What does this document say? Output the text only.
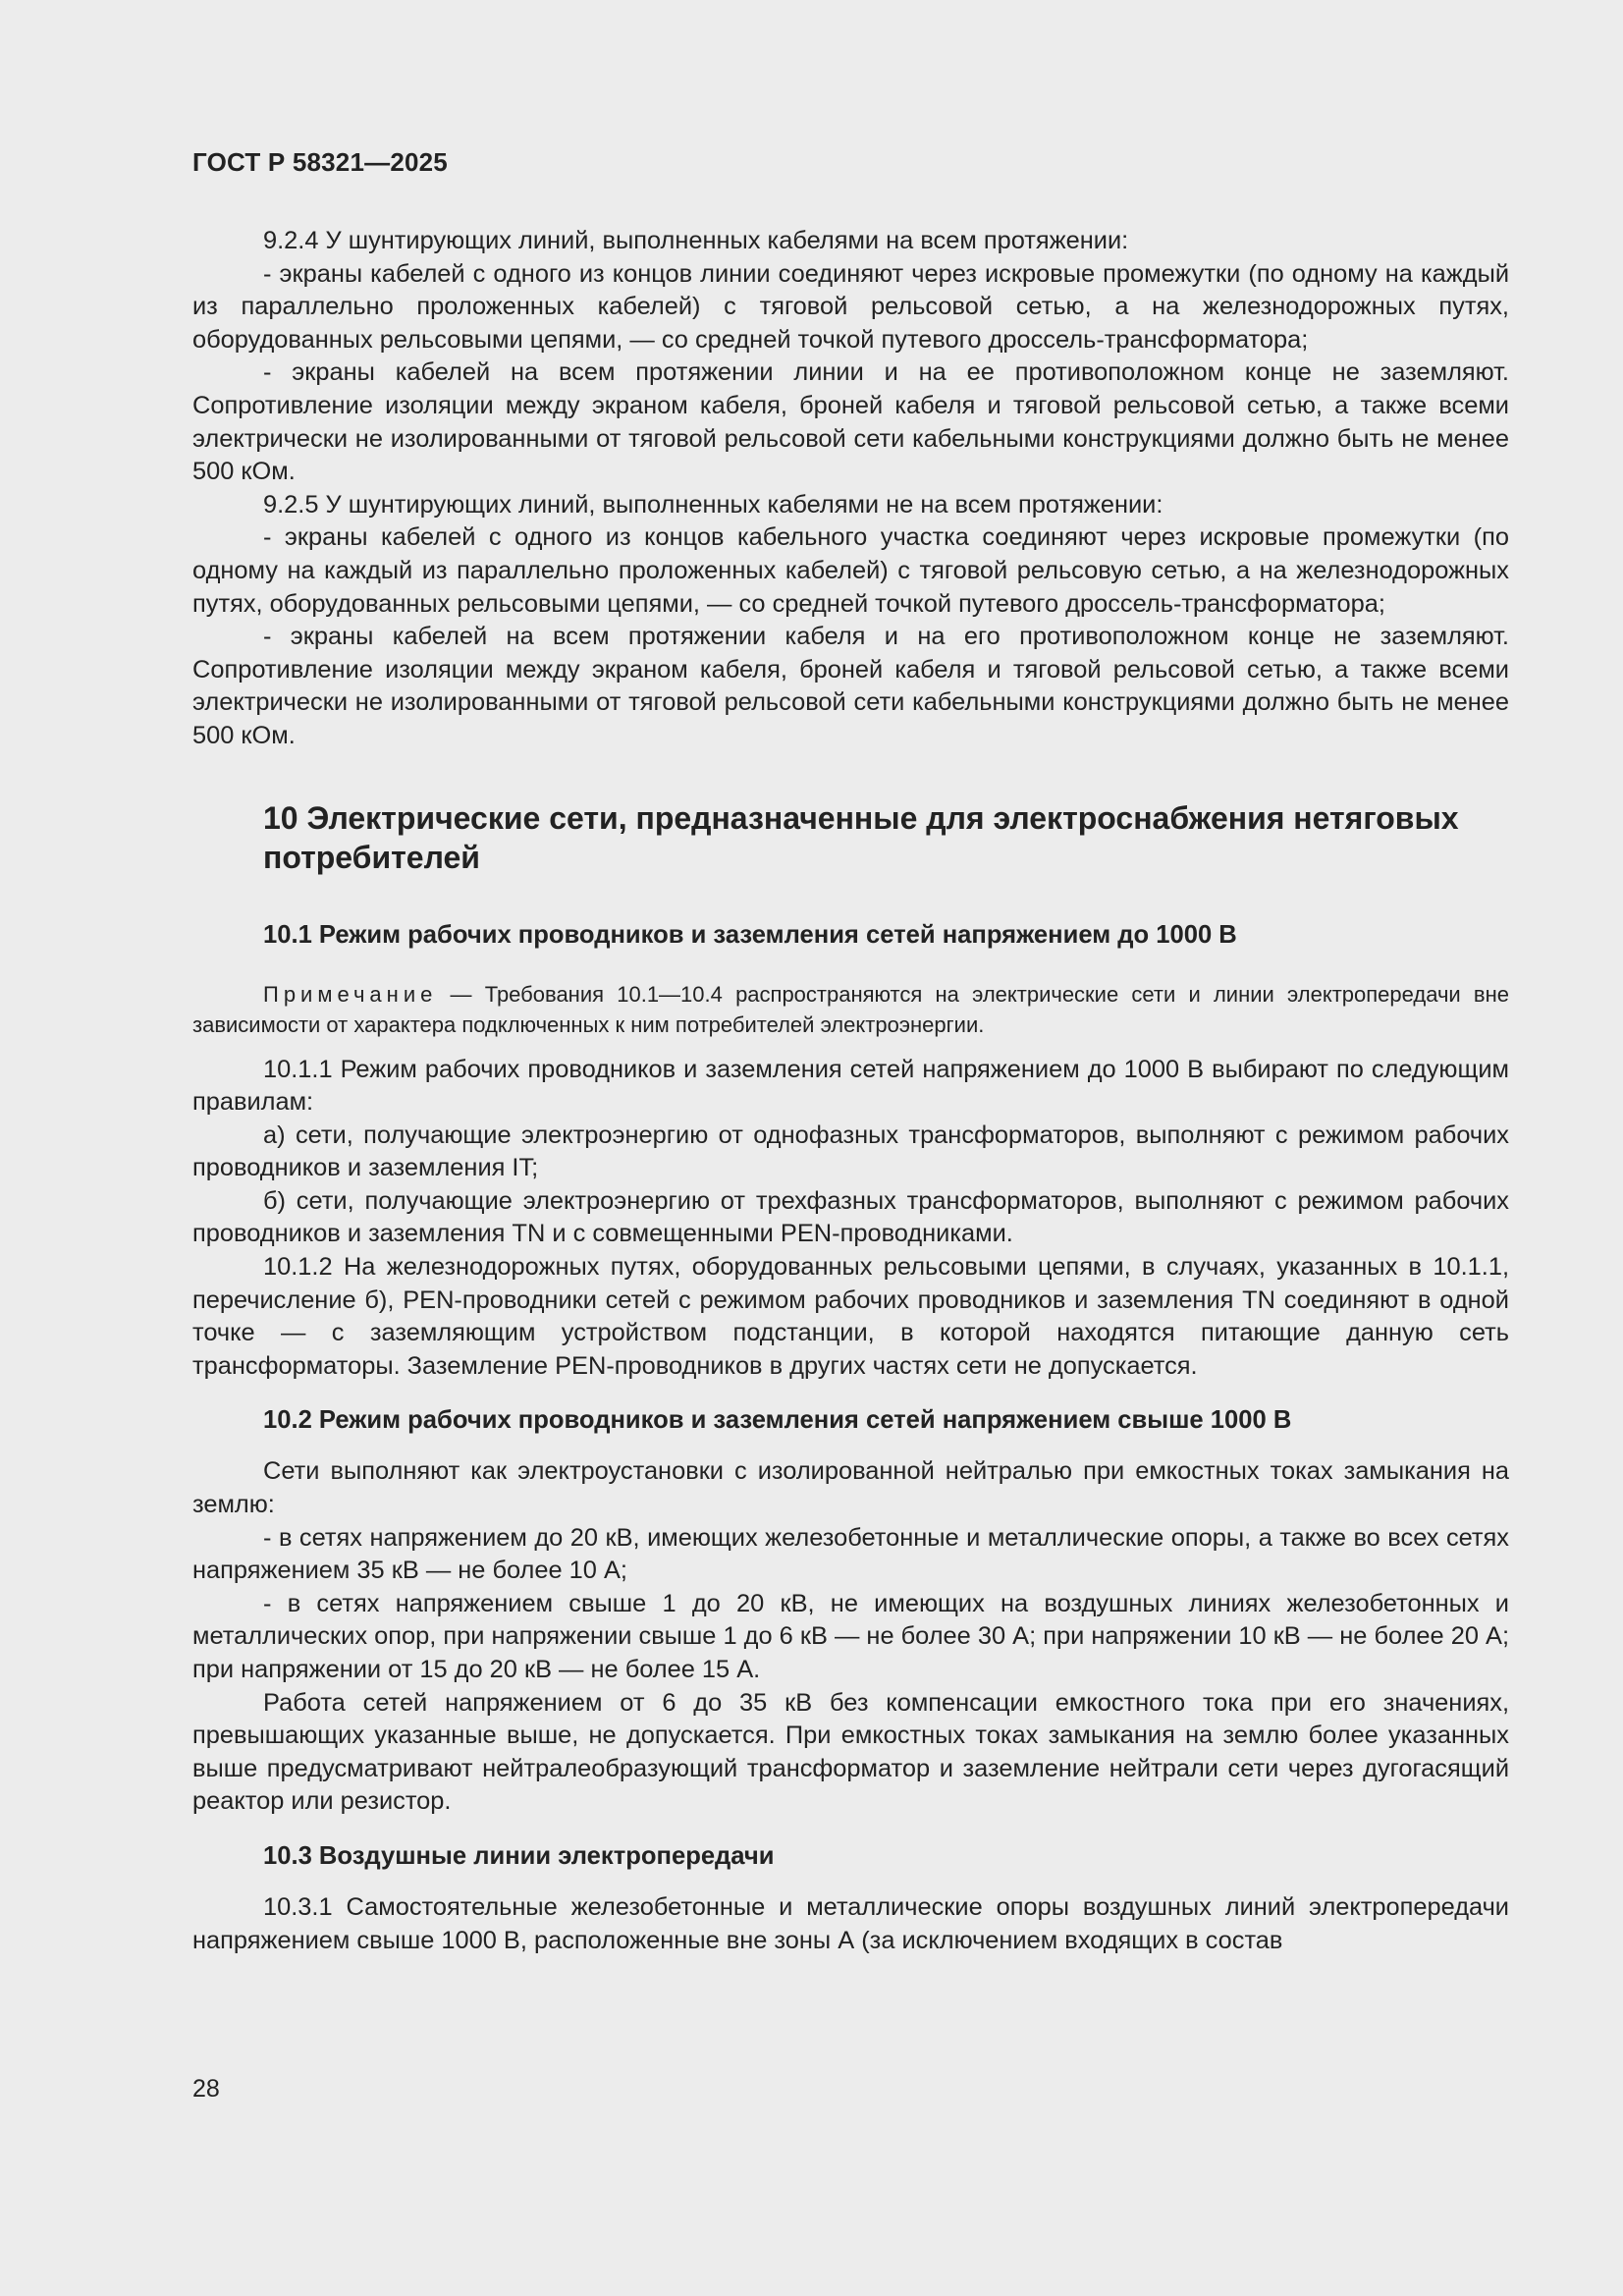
ГОСТ Р 58321—2025

9.2.4 У шунтирующих линий, выполненных кабелями на всем протяжении:

- экраны кабелей с одного из концов линии соединяют через искровые промежутки (по одному на каждый из параллельно проложенных кабелей) с тяговой рельсовой сетью, а на железнодорожных путях, оборудованных рельсовыми цепями, — со средней точкой путевого дроссель-трансформатора;

- экраны кабелей на всем протяжении линии и на ее противоположном конце не заземляют. Сопротивление изоляции между экраном кабеля, броней кабеля и тяговой рельсовой сетью, а также всеми электрически не изолированными от тяговой рельсовой сети кабельными конструкциями должно быть не менее 500 кОм.

9.2.5 У шунтирующих линий, выполненных кабелями не на всем протяжении:

- экраны кабелей с одного из концов кабельного участка соединяют через искровые промежутки (по одному на каждый из параллельно проложенных кабелей) с тяговой рельсовую сетью, а на железнодорожных путях, оборудованных рельсовыми цепями, — со средней точкой путевого дроссель-трансформатора;

- экраны кабелей на всем протяжении кабеля и на его противоположном конце не заземляют. Сопротивление изоляции между экраном кабеля, броней кабеля и тяговой рельсовой сетью, а также всеми электрически не изолированными от тяговой рельсовой сети кабельными конструкциями должно быть не менее 500 кОм.

10 Электрические сети, предназначенные для электроснабжения нетяговых потребителей
10.1 Режим рабочих проводников и заземления сетей напряжением до 1000 В

Примечание — Требования 10.1—10.4 распространяются на электрические сети и линии электропередачи вне зависимости от характера подключенных к ним потребителей электроэнергии.

10.1.1 Режим рабочих проводников и заземления сетей напряжением до 1000 В выбирают по следующим правилам:

а) сети, получающие электроэнергию от однофазных трансформаторов, выполняют с режимом рабочих проводников и заземления IT;

б) сети, получающие электроэнергию от трехфазных трансформаторов, выполняют с режимом рабочих проводников и заземления TN и с совмещенными PEN-проводниками.

10.1.2 На железнодорожных путях, оборудованных рельсовыми цепями, в случаях, указанных в 10.1.1, перечисление б), PEN-проводники сетей с режимом рабочих проводников и заземления TN соединяют в одной точке — с заземляющим устройством подстанции, в которой находятся питающие данную сеть трансформаторы. Заземление PEN-проводников в других частях сети не допускается.

10.2 Режим рабочих проводников и заземления сетей напряжением свыше 1000 В

Сети выполняют как электроустановки с изолированной нейтралью при емкостных токах замыкания на землю:

- в сетях напряжением до 20 кВ, имеющих железобетонные и металлические опоры, а также во всех сетях напряжением 35 кВ — не более 10 А;

- в сетях напряжением свыше 1 до 20 кВ, не имеющих на воздушных линиях железобетонных и металлических опор, при напряжении свыше 1 до 6 кВ — не более 30 А; при напряжении 10 кВ — не более 20 А; при напряжении от 15 до 20 кВ — не более 15 А.

Работа сетей напряжением от 6 до 35 кВ без компенсации емкостного тока при его значениях, превышающих указанные выше, не допускается. При емкостных токах замыкания на землю более указанных выше предусматривают нейтралеобразующий трансформатор и заземление нейтрали сети через дугогасящий реактор или резистор.

10.3 Воздушные линии электропередачи

10.3.1 Самостоятельные железобетонные и металлические опоры воздушных линий электропередачи напряжением свыше 1000 В, расположенные вне зоны А (за исключением входящих в состав

28
